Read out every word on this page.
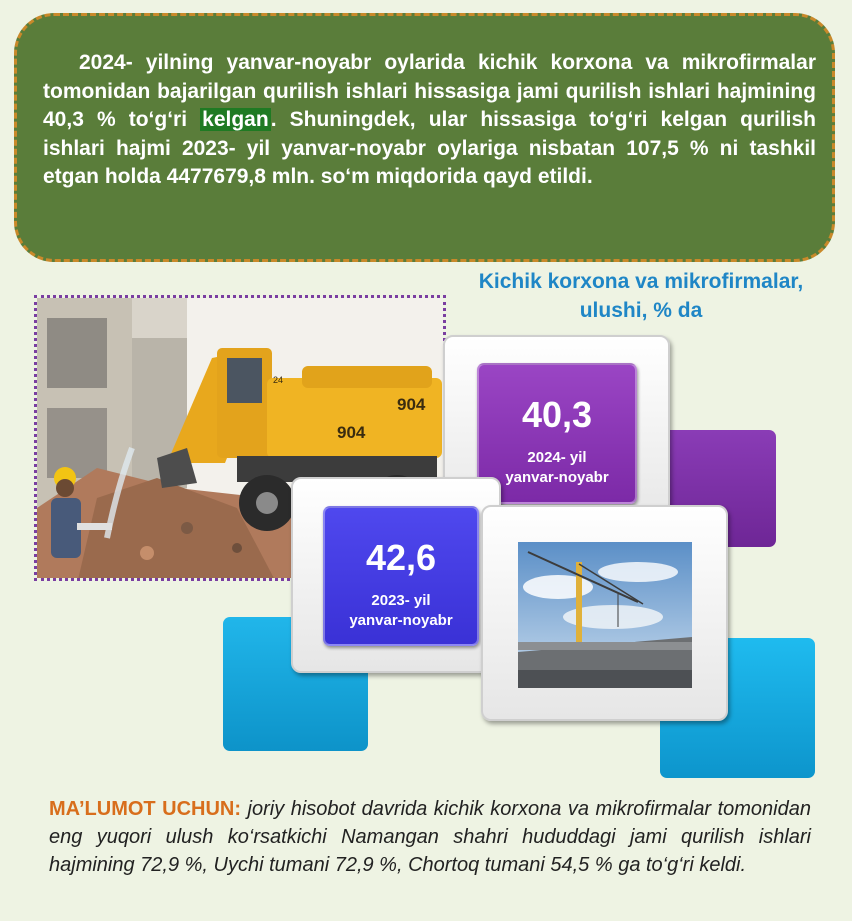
2024- yilning yanvar-noyabr oylarida kichik korxona va mikrofirmalar tomonidan bajarilgan qurilish ishlari hissasiga jami qurilish ishlari hajmining 40,3 % to‘g‘ri kelgan. Shuningdek, ular hissasiga to‘g‘ri kelgan qurilish ishlari hajmi 2023- yil yanvar-noyabr oylariga nisbatan 107,5 % ni tashkil etgan holda 4477679,8 mln. so‘m miqdorida qayd etildi.
Kichik korxona va mikrofirmalar,
ulushi, % da
904
904
24
40,3
2024- yil
yanvar-noyabr
42,6
2023- yil
yanvar-noyabr
MA’LUMOT UCHUN: joriy hisobot davrida kichik korxona va mikrofirmalar tomonidan eng yuqori ulush ko‘rsatkichi Namangan shahri hududdagi jami qurilish ishlari hajmining 72,9 %, Uychi tumani 72,9 %, Chortoq tumani 54,5 % ga to‘g‘ri keldi.
